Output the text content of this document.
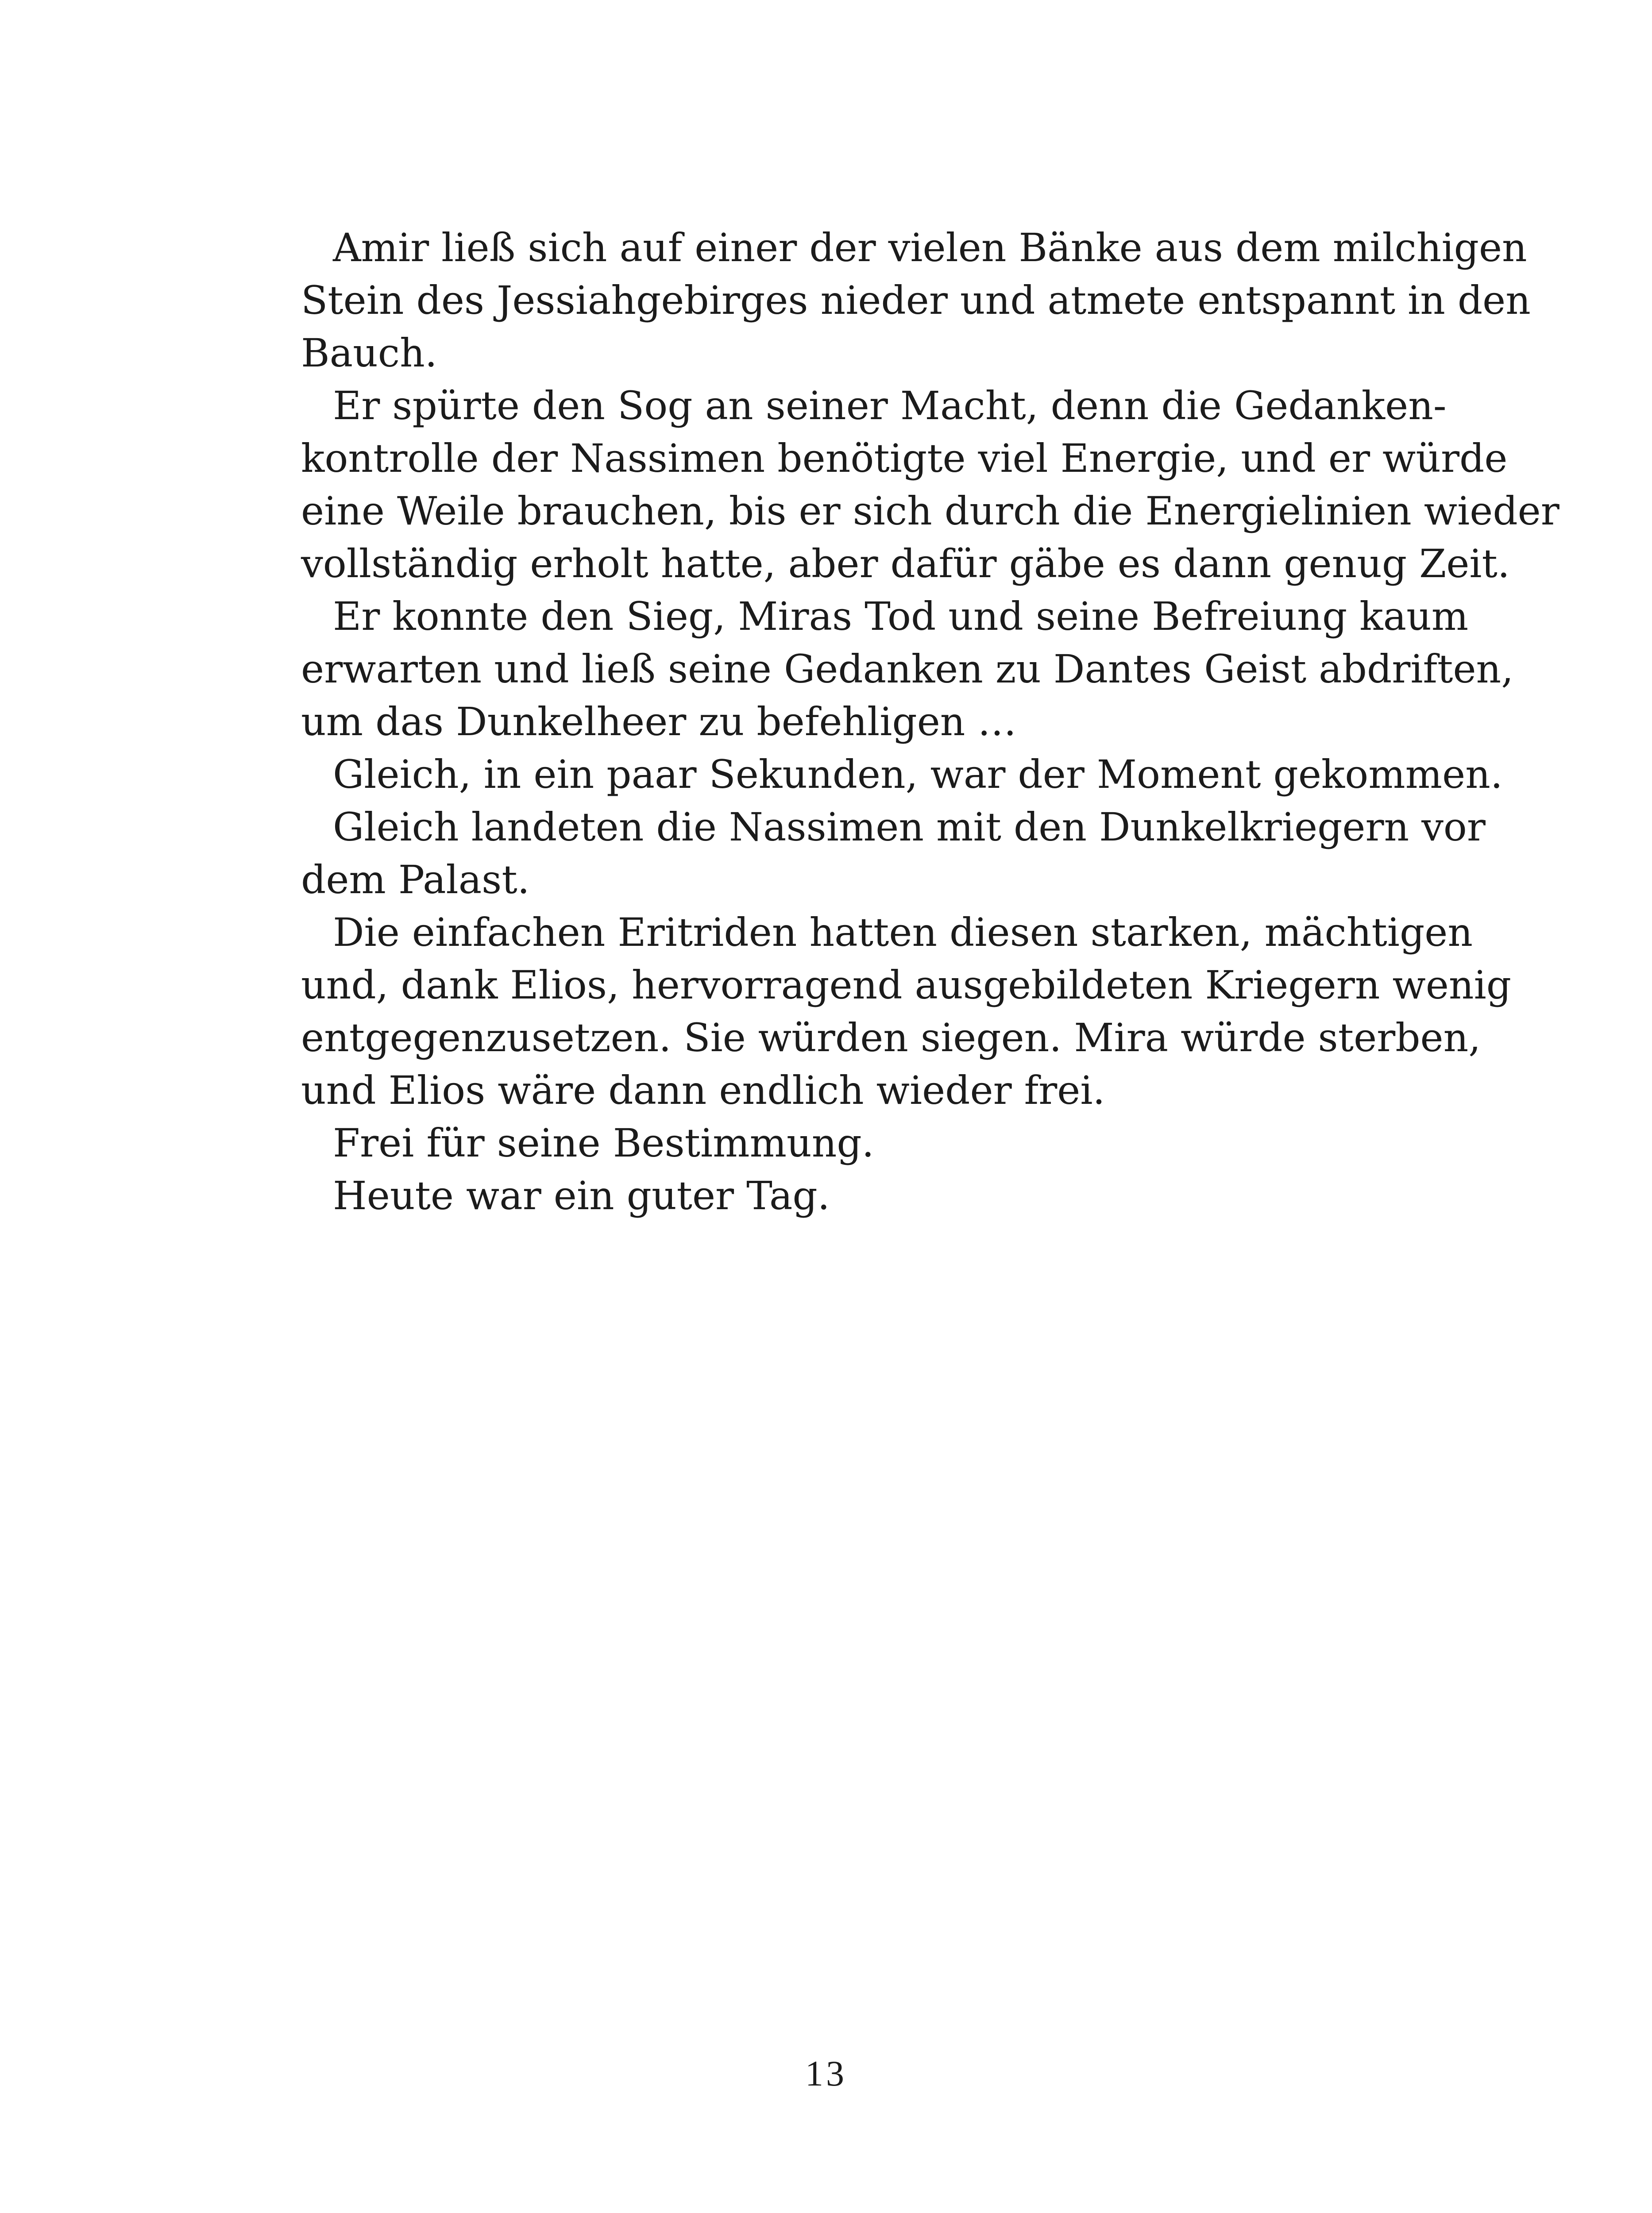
Amir ließ sich auf einer der vielen Bänke aus dem milchigen
Stein des Jessiahgebirges nieder und atmete entspannt in den
Bauch.
Er spürte den Sog an seiner Macht, denn die Gedanken-
kontrolle der Nassimen benötigte viel Energie, und er würde
eine Weile brauchen, bis er sich durch die Energielinien wieder
vollständig erholt hatte, aber dafür gäbe es dann genug Zeit.
Er konnte den Sieg, Miras Tod und seine Befreiung kaum
erwarten und ließ seine Gedanken zu Dantes Geist abdriften,
um das Dunkelheer zu befehligen …
Gleich, in ein paar Sekunden, war der Moment gekommen.
Gleich landeten die Nassimen mit den Dunkelkriegern vor
dem Palast.
Die einfachen Eritriden hatten diesen starken, mächtigen
und, dank Elios, hervorragend ausgebildeten Kriegern wenig
entgegenzusetzen. Sie würden siegen. Mira würde sterben,
und Elios wäre dann endlich wieder frei.
Frei für seine Bestimmung.
Heute war ein guter Tag.
13
